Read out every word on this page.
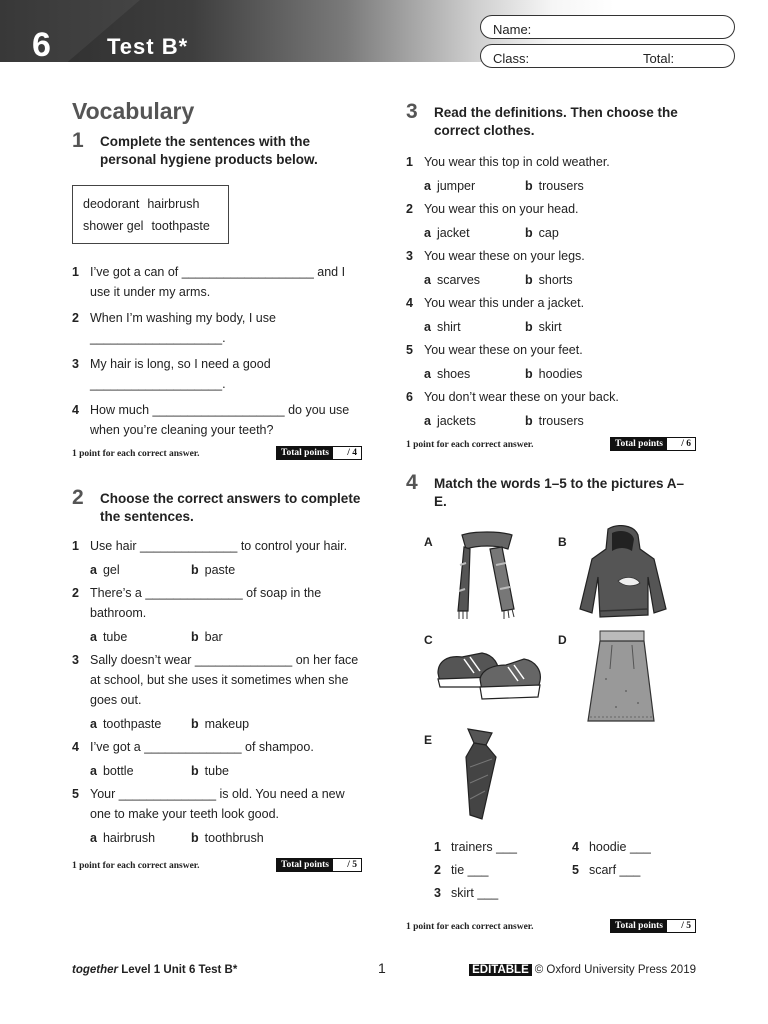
6	Test B*
Name:
Class:	Total:
Vocabulary
1 Complete the sentences with the personal hygiene products below.
deodorant hairbrush
shower gel toothpaste
1 I’ve got a can of ___________________ and I use it under my arms.
2 When I’m washing my body, I use ___________________.
3 My hair is long, so I need a good ___________________.
4 How much ___________________ do you use when you’re cleaning your teeth?
1 point for each correct answer.	Total points	/ 4
2 Choose the correct answers to complete the sentences.
1 Use hair ______________ to control your hair.
a gel	b paste
2 There’s a ______________ of soap in the bathroom.
a tube	b bar
3 Sally doesn’t wear ______________ on her face at school, but she uses it sometimes when she goes out.
a toothpaste	b makeup
4 I’ve got a ______________ of shampoo.
a bottle	b tube
5 Your ______________ is old. You need a new one to make your teeth look good.
a hairbrush	b toothbrush
1 point for each correct answer.	Total points	/ 5
3 Read the definitions. Then choose the correct clothes.
1 You wear this top in cold weather.
a jumper	b trousers
2 You wear this on your head.
a jacket	b cap
3 You wear these on your legs.
a scarves	b shorts
4 You wear this under a jacket.
a shirt	b skirt
5 You wear these on your feet.
a shoes	b hoodies
6 You don’t wear these on your back.
a jackets	b trousers
1 point for each correct answer.	Total points	/ 6
4 Match the words 1–5 to the pictures A–E.
A	B
C	D
E
1 trainers ___
2 tie ___
3 skirt ___
4 hoodie ___
5 scarf ___
1 point for each correct answer.	Total points	/ 5
together Level 1 Unit 6 Test B*	1	EDITABLE © Oxford University Press 2019
